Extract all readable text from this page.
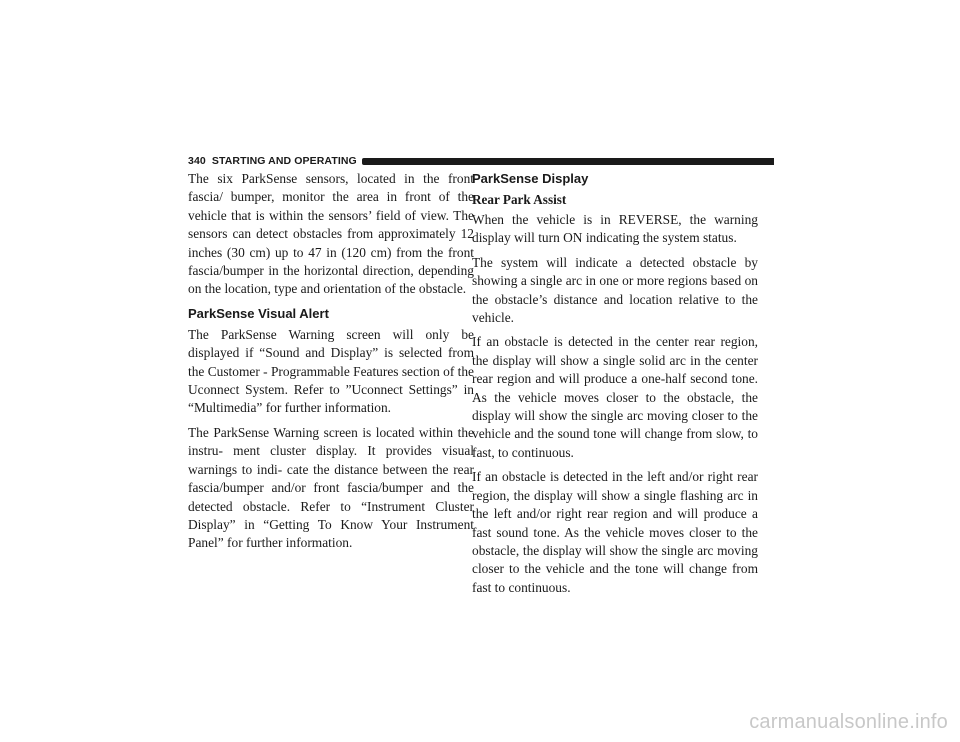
340 STARTING AND OPERATING

The six ParkSense sensors, located in the front fascia/ bumper, monitor the area in front of the vehicle that is within the sensors’ field of view. The sensors can detect obstacles from approximately 12 inches (30 cm) up to 47 in (120 cm) from the front fascia/bumper in the horizontal direction, depending on the location, type and orientation of the obstacle.

ParkSense Visual Alert

The ParkSense Warning screen will only be displayed if “Sound and Display” is selected from the Customer - Programmable Features section of the Uconnect System. Refer to ”Uconnect Settings” in “Multimedia” for further information.

The ParkSense Warning screen is located within the instru- ment cluster display. It provides visual warnings to indi- cate the distance between the rear fascia/bumper and/or front fascia/bumper and the detected obstacle. Refer to “Instrument Cluster Display” in “Getting To Know Your Instrument Panel” for further information.

ParkSense Display
Rear Park Assist

When the vehicle is in REVERSE, the warning display will turn ON indicating the system status.

The system will indicate a detected obstacle by showing a single arc in one or more regions based on the obstacle’s distance and location relative to the vehicle.

If an obstacle is detected in the center rear region, the display will show a single solid arc in the center rear region and will produce a one-half second tone. As the vehicle moves closer to the obstacle, the display will show the single arc moving closer to the vehicle and the sound tone will change from slow, to fast, to continuous.

If an obstacle is detected in the left and/or right rear region, the display will show a single flashing arc in the left and/or right rear region and will produce a fast sound tone. As the vehicle moves closer to the obstacle, the display will show the single arc moving closer to the vehicle and the tone will change from fast to continuous.

carmanualsonline.info
